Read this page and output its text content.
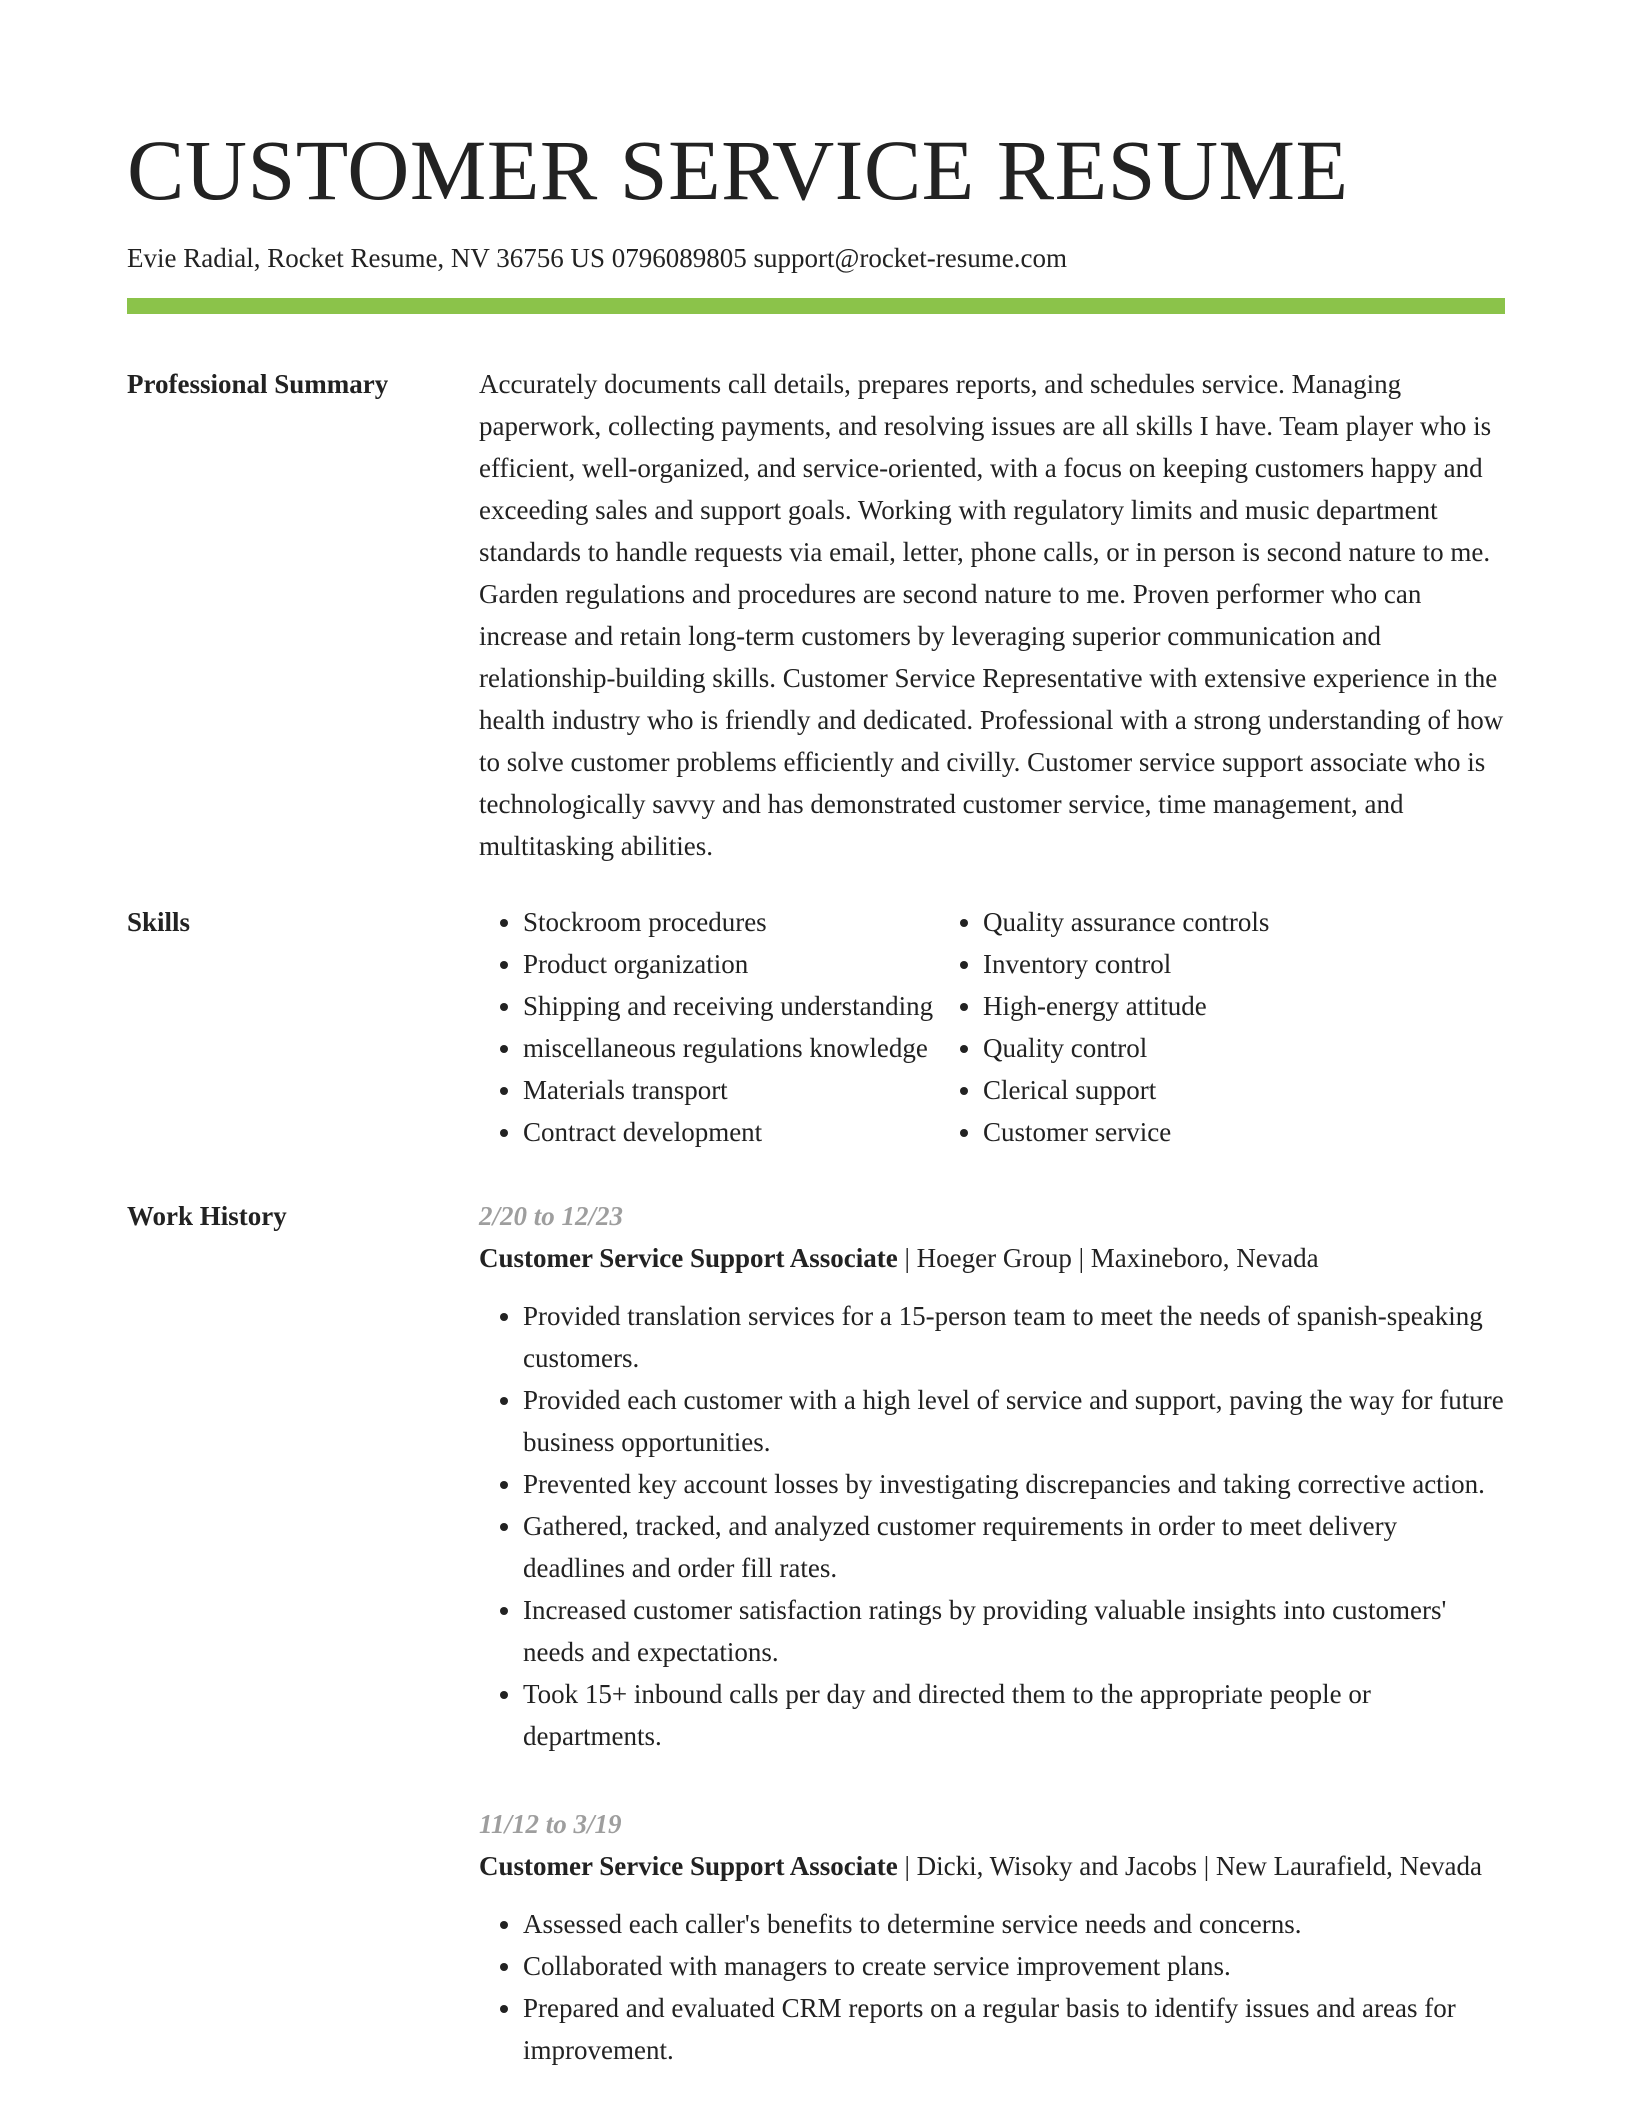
CUSTOMER SERVICE RESUME
Evie Radial, Rocket Resume, NV 36756 US 0796089805 support@rocket-resume.com
Professional Summary	Accurately documents call details, prepares reports, and schedules service. Managing paperwork, collecting payments, and resolving issues are all skills I have. Team player who is efficient, well-organized, and service-oriented, with a focus on keeping customers happy and exceeding sales and support goals. Working with regulatory limits and music department standards to handle requests via email, letter, phone calls, or in person is second nature to me. Garden regulations and procedures are second nature to me. Proven performer who can increase and retain long-term customers by leveraging superior communication and relationship-building skills. Customer Service Representative with extensive experience in the health industry who is friendly and dedicated. Professional with a strong understanding of how to solve customer problems efficiently and civilly. Customer service support associate who is technologically savvy and has demonstrated customer service, time management, and multitasking abilities.

Skills
•	Stockroom procedures
• Product organization
• Shipping and receiving understanding
• miscellaneous regulations knowledge
• Materials transport
• Contract development
• Quality assurance controls
• Inventory control
• High-energy attitude
• Quality control
• Clerical support
• Customer service
Work History	2/20 to 12/23
Customer Service Support Associate | Hoeger Group | Maxineboro, Nevada
• Provided translation services for a 15-person team to meet the needs of spanish-speaking customers.
• Provided each customer with a high level of service and support, paving the way for future business opportunities.
• Prevented key account losses by investigating discrepancies and taking corrective action.
• Gathered, tracked, and analyzed customer requirements in order to meet delivery deadlines and order fill rates.
• Increased customer satisfaction ratings by providing valuable insights into customers' needs and expectations.
• Took 15+ inbound calls per day and directed them to the appropriate people or departments.
11/12 to 3/19
Customer Service Support Associate | Dicki, Wisoky and Jacobs | New Laurafield, Nevada
• Assessed each caller's benefits to determine service needs and concerns.
• Collaborated with managers to create service improvement plans.
• Prepared and evaluated CRM reports on a regular basis to identify issues and areas for improvement.
